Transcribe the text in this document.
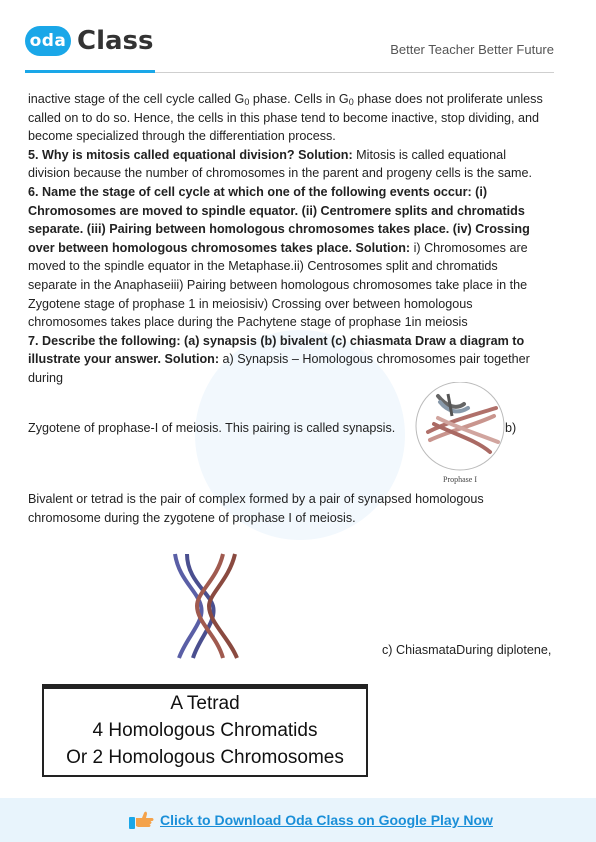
oda Class	Better Teacher Better Future

inactive stage of the cell cycle called $G_0$ phase. Cells in $G_0$ phase does not proliferate unless called on to do so. Hence, the cells in this phase tend to become inactive, stop dividing, and become specialized through the differentiation process.

5. Why is mitosis called equational division? Solution: Mitosis is called equational division because the number of chromosomes in the parent and progeny cells is the same.

6. Name the stage of cell cycle at which one of the following events occur: (i) Chromosomes are moved to spindle equator. (ii) Centromere splits and chromatids separate. (iii) Pairing between homologous chromosomes takes place. (iv) Crossing over between homologous chromosomes takes place. Solution: i) Chromosomes are moved to the spindle equator in the Metaphase.ii) Centrosomes split and chromatids separate in the Anaphaseiii) Pairing between homologous chromosomes take place in the Zygotene stage of prophase 1 in meiosisiv) Crossing over between homologous chromosomes takes place during the Pachytene stage of prophase 1in meiosis

7. Describe the following: (a) synapsis (b) bivalent (c) chiasmata Draw a diagram to illustrate your answer. Solution: a) Synapsis – Homologous chromosomes pair together during

Zygotene of prophase-I of meiosis. This pairing is called synapsis.
Prophase I
b)
Bivalent or tetrad is the pair of complex formed by a pair of synapsed homologous chromosome during the zygotene of prophase I of meiosis.
c) ChiasmataDuring diplotene,
A Tetrad
4 Homologous Chromatids
Or 2 Homologous Chromosomes
Click to Download Oda Class on Google Play Now
